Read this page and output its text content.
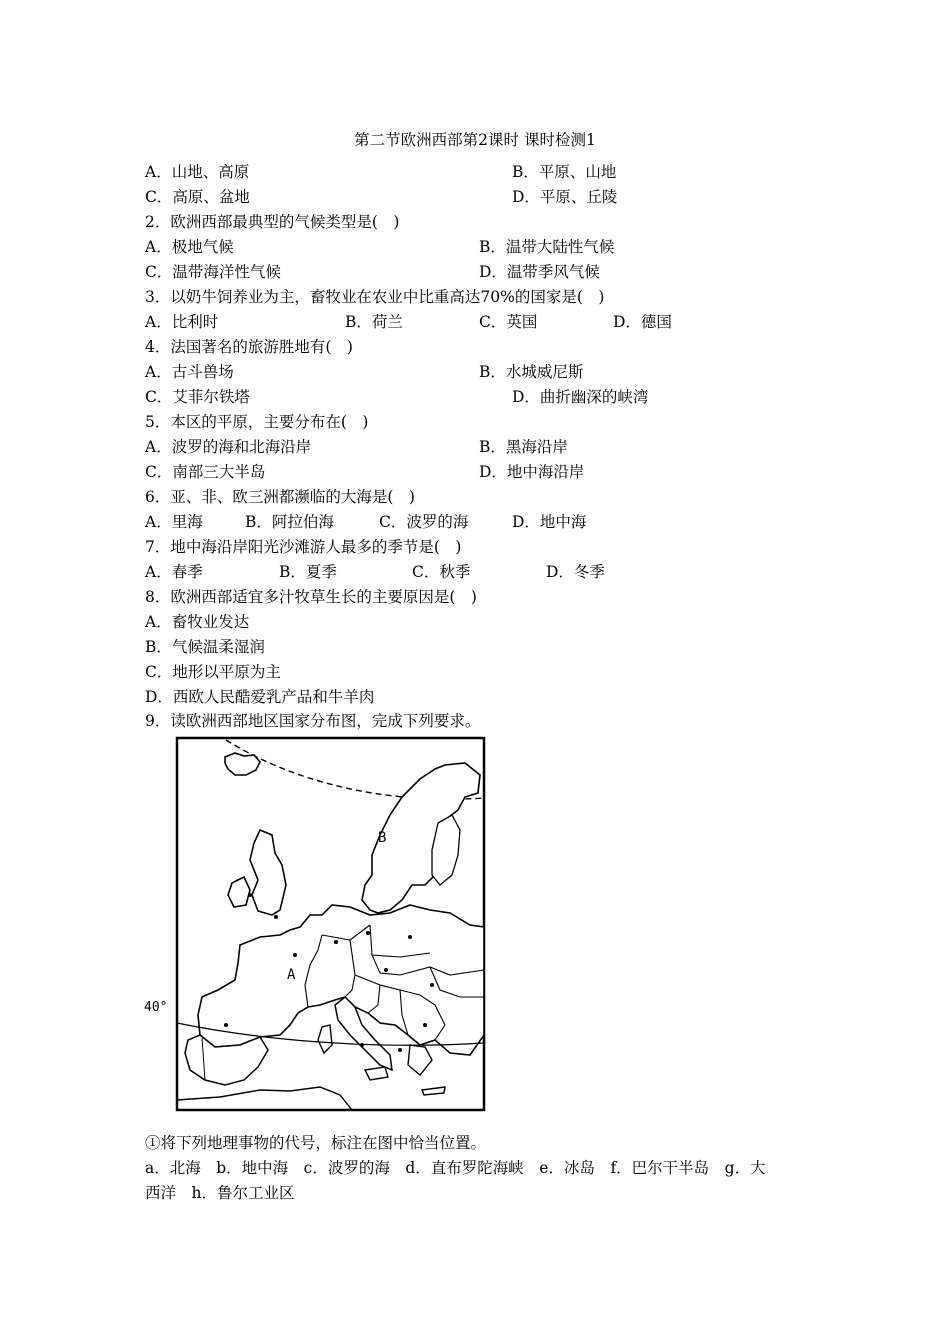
第二节欧洲西部第2课时 课时检测1
A．山地、高原	B．平原、山地
C．高原、盆地	D．平原、丘陵
2．欧洲西部最典型的气候类型是(　)
A．极地气候	B．温带大陆性气候
C．温带海洋性气候	D．温带季风气候
3．以奶牛饲养业为主，畜牧业在农业中比重高达70%的国家是(　)
A．比利时	B．荷兰	C．英国	D．德国
4．法国著名的旅游胜地有(　)
A．古斗兽场	B．水城威尼斯
C．艾菲尔铁塔	D．曲折幽深的峡湾
5．本区的平原，主要分布在(　)
A．波罗的海和北海沿岸	B．黑海沿岸
C．南部三大半岛	D．地中海沿岸
6．亚、非、欧三洲都濒临的大海是(　)
A．里海	B．阿拉伯海	C．波罗的海	D．地中海
7．地中海沿岸阳光沙滩游人最多的季节是(　)
A．春季	B．夏季	C．秋季	D．冬季
8．欧洲西部适宜多汁牧草生长的主要原因是(　)
A．畜牧业发达
B．气候温柔湿润
C．地形以平原为主
D．西欧人民酷爱乳产品和牛羊肉
9．读欧洲西部地区国家分布图，完成下列要求。
A
B
40°
①将下列地理事物的代号，标注在图中恰当位置。
a．北海　b．地中海　c．波罗的海　d．直布罗陀海峡　e．冰岛　f．巴尔干半岛　g．大
西洋　h．鲁尔工业区
